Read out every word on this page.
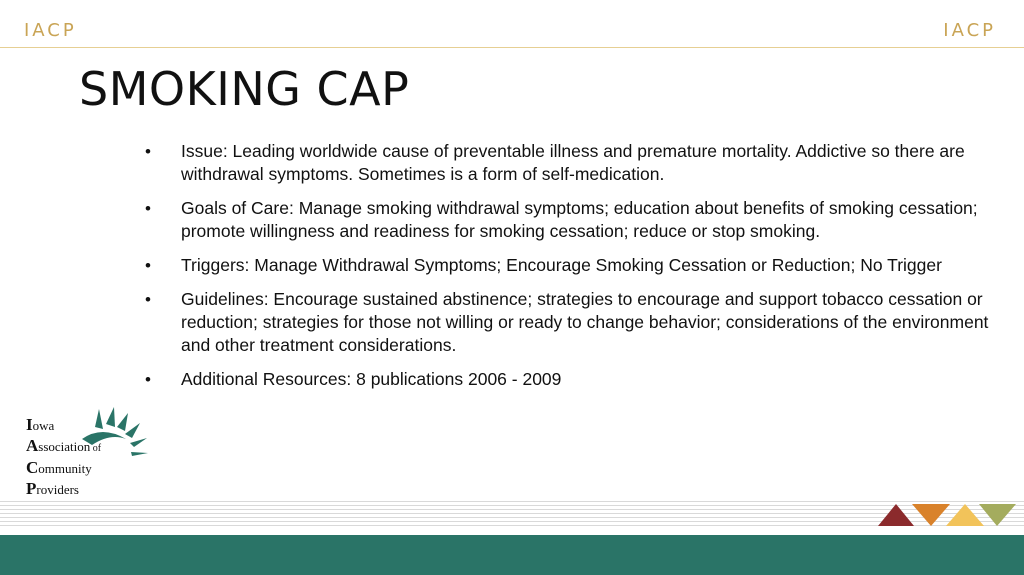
IACP	IACP
SMOKING CAP
• Issue: Leading worldwide cause of preventable illness and premature mortality. Addictive so there are withdrawal symptoms. Sometimes is a form of self-medication.
• Goals of Care: Manage smoking withdrawal symptoms; education about benefits of smoking cessation; promote willingness and readiness for smoking cessation; reduce or stop smoking.
• Triggers: Manage Withdrawal Symptoms; Encourage Smoking Cessation or Reduction; No Trigger
• Guidelines: Encourage sustained abstinence; strategies to encourage and support tobacco cessation or reduction; strategies for those not willing or ready to change behavior; considerations of the environment and other treatment considerations.
• Additional Resources: 8 publications 2006 - 2009
Iowa
Association of
Community
Providers
